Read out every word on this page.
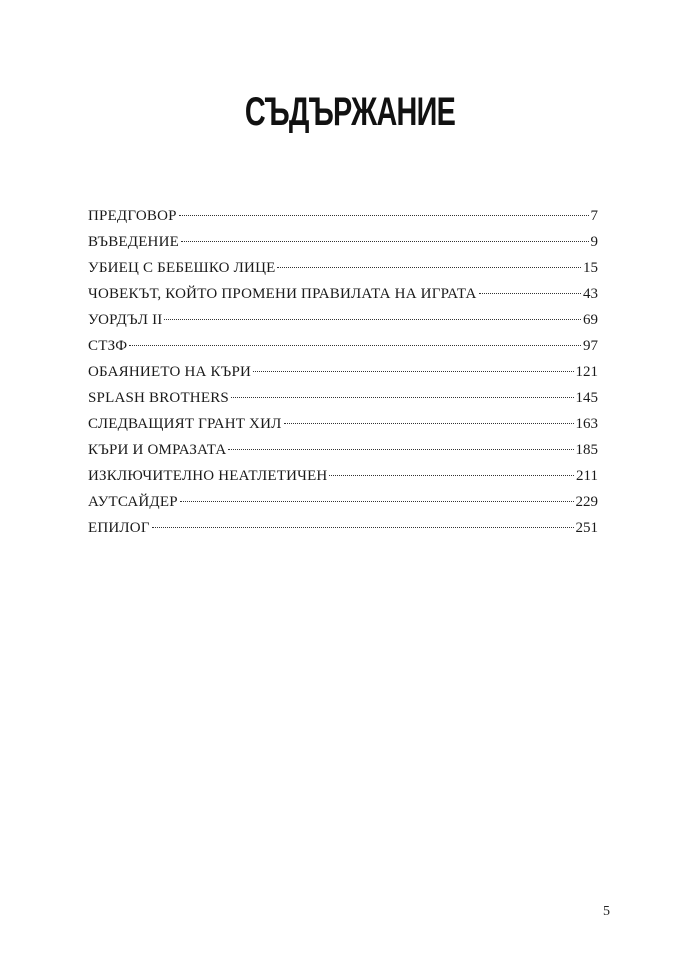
СЪДЪРЖАНИЕ
ПРЕДГОВОР	7
ВЪВЕДЕНИЕ	9
УБИЕЦ С БЕБЕШКО ЛИЦЕ	15
ЧОВЕКЪТ, КОЙТО ПРОМЕНИ ПРАВИЛАТА НА ИГРАТА	43
УОРДЪЛ II	69
СТЗФ	97
ОБАЯНИЕТО НА КЪРИ	121
SPLASH BROTHERS	145
СЛЕДВАЩИЯТ ГРАНТ ХИЛ	163
КЪРИ И ОМРАЗАТА	185
ИЗКЛЮЧИТЕЛНО НЕАТЛЕТИЧЕН	211
АУТСАЙДЕР	229
ЕПИЛОГ	251
5
